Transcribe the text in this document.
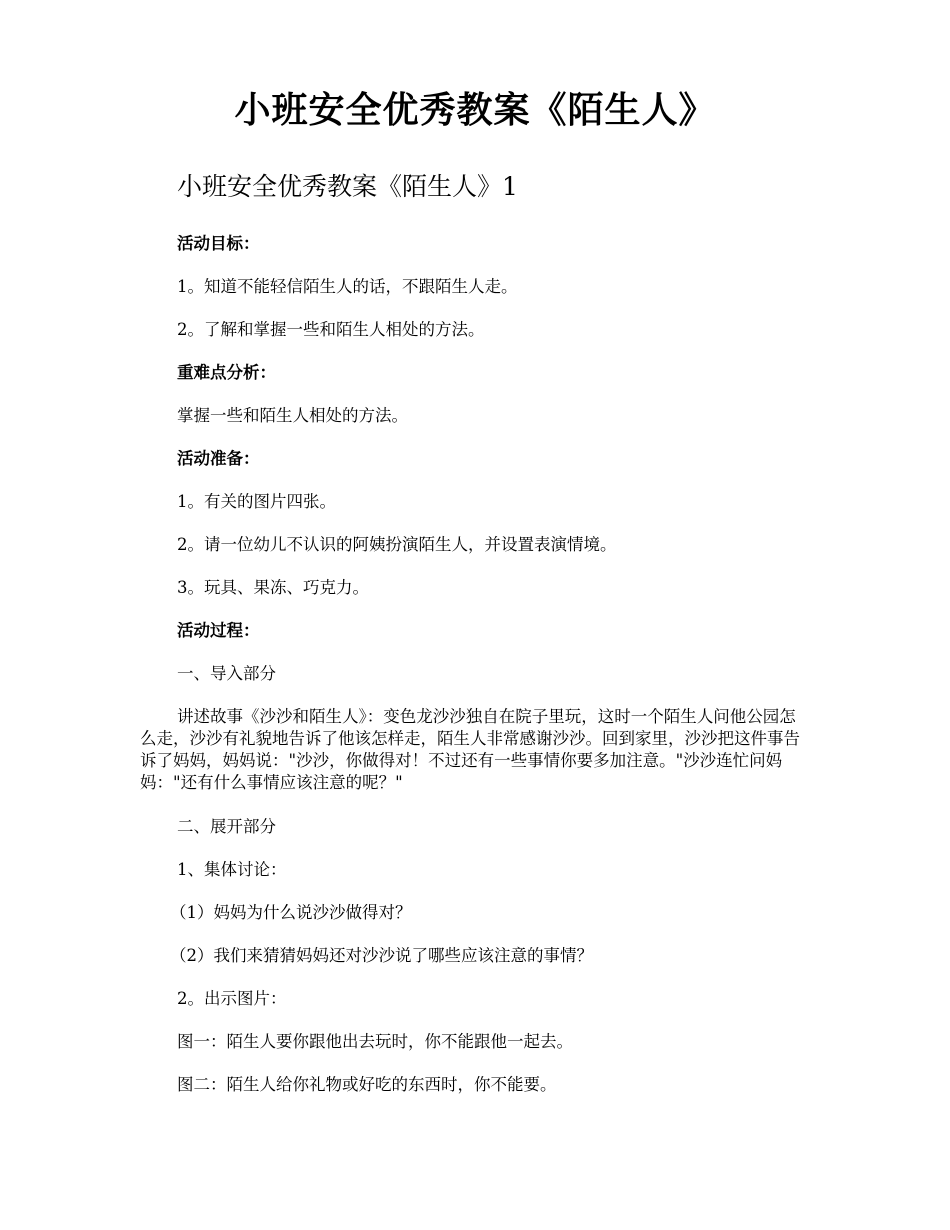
小班安全优秀教案《陌生人》
小班安全优秀教案《陌生人》1
活动目标：
1。知道不能轻信陌生人的话，不跟陌生人走。
2。了解和掌握一些和陌生人相处的方法。
重难点分析：
掌握一些和陌生人相处的方法。
活动准备：
1。有关的图片四张。
2。请一位幼儿不认识的阿姨扮演陌生人，并设置表演情境。
3。玩具、果冻、巧克力。
活动过程：
一、导入部分
讲述故事《沙沙和陌生人》：变色龙沙沙独自在院子里玩，这时一个陌生人问他公园怎么走，沙沙有礼貌地告诉了他该怎样走，陌生人非常感谢沙沙。回到家里，沙沙把这件事告诉了妈妈，妈妈说："沙沙，你做得对！不过还有一些事情你要多加注意。"沙沙连忙问妈妈："还有什么事情应该注意的呢？"
二、展开部分
1、集体讨论：
（1）妈妈为什么说沙沙做得对？
（2）我们来猜猜妈妈还对沙沙说了哪些应该注意的事情？
2。出示图片：
图一：陌生人要你跟他出去玩时，你不能跟他一起去。
图二：陌生人给你礼物或好吃的东西时，你不能要。
